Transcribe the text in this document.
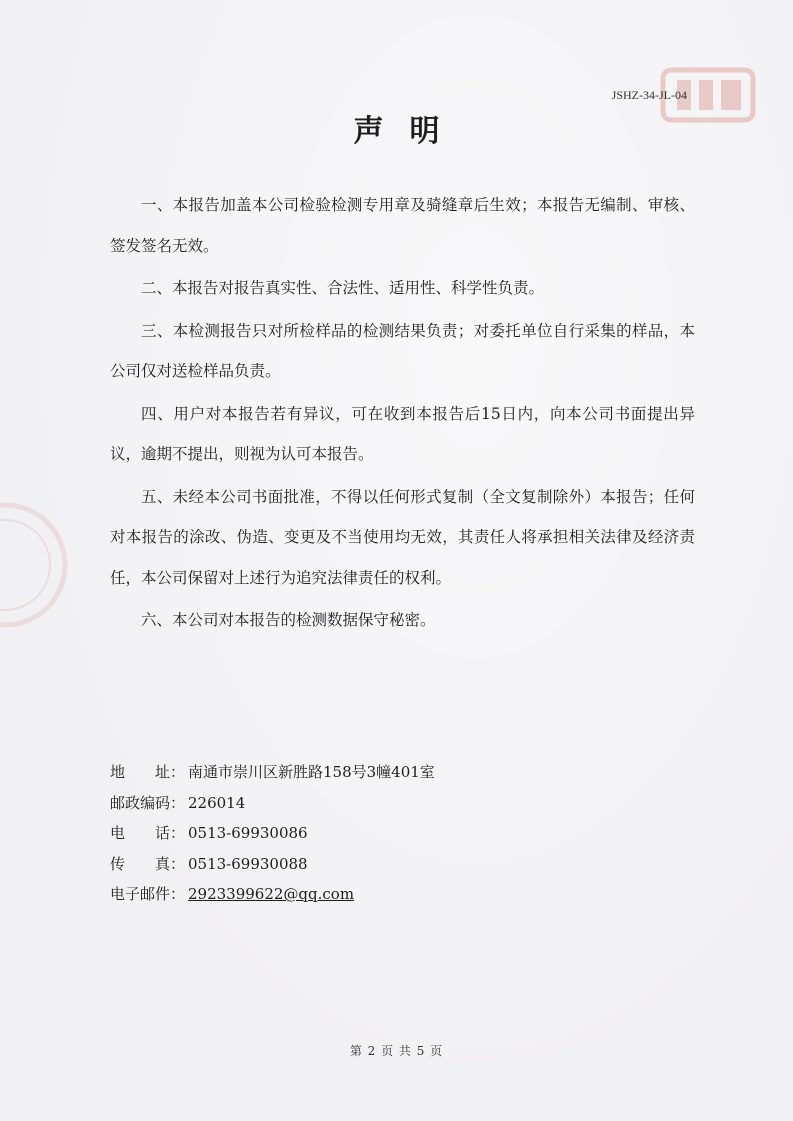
JSHZ-34-JL-04
声明

一、本报告加盖本公司检验检测专用章及骑缝章后生效；本报告无编制、审核、签发签名无效。

二、本报告对报告真实性、合法性、适用性、科学性负责。

三、本检测报告只对所检样品的检测结果负责；对委托单位自行采集的样品，本公司仅对送检样品负责。

四、用户对本报告若有异议，可在收到本报告后15日内，向本公司书面提出异议，逾期不提出，则视为认可本报告。

五、未经本公司书面批准，不得以任何形式复制（全文复制除外）本报告；任何对本报告的涂改、伪造、变更及不当使用均无效，其责任人将承担相关法律及经济责任，本公司保留对上述行为追究法律责任的权利。

六、本公司对本报告的检测数据保守秘密。

地　　址： 南通市崇川区新胜路158号3幢401室
邮政编码： 226014
电　　话： 0513-69930086
传　　真： 0513-69930088
电子邮件： 2923399622@qq.com
第 2 页 共 5 页
